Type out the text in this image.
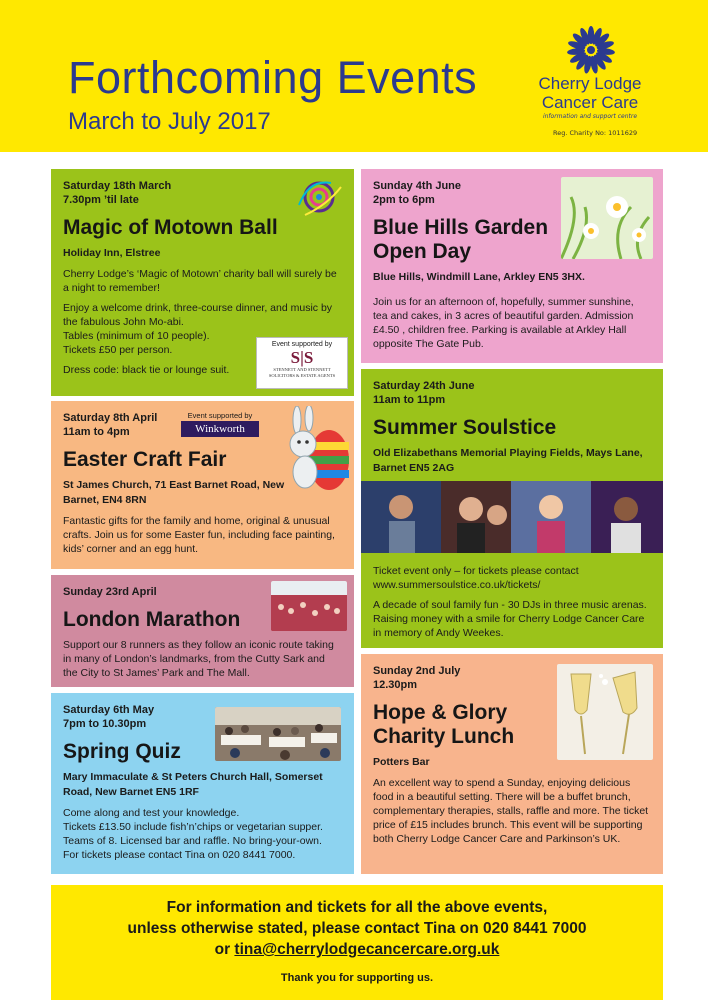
Forthcoming Events
March to July 2017
Cherry Lodge Cancer Care
information and support centre
Reg. Charity No: 1011629
Saturday 18th March
7.30pm ’til late
Magic of Motown Ball
Holiday Inn, Elstree
Cherry Lodge’s ‘Magic of Motown’ charity ball will surely be a night to remember!
Enjoy a welcome drink, three-course dinner, and music by the fabulous John Mo-abi.
Tables (minimum of 10 people).
Tickets £50 per person.
Dress code: black tie or lounge suit.
Event supported by
S|S
STENNETT AND STENNETT SOLICITORS & ESTATE AGENTS
Saturday 8th April
11am to 4pm
Easter Craft Fair
St James Church, 71 East Barnet Road, New Barnet, EN4 8RN
Fantastic gifts for the family and home, original & unusual crafts. Join us for some Easter fun, including face painting, kids’ corner and an egg hunt.
Event supported by
Winkworth
Sunday 23rd April
London Marathon
Support our 8 runners as they follow an iconic route taking in many of London’s landmarks, from the Cutty Sark and the City to St James’ Park and The Mall.
Saturday 6th May
7pm to 10.30pm
Spring Quiz
Mary Immaculate & St Peters Church Hall, Somerset Road, New Barnet EN5 1RF
Come along and test your knowledge.
Tickets £13.50 include fish’n’chips or vegetarian supper.
Teams of 8. Licensed bar and raffle. No bring-your-own.
For tickets please contact Tina on 020 8441 7000.
Sunday 4th June
2pm to 6pm
Blue Hills Garden Open Day
Blue Hills, Windmill Lane, Arkley EN5 3HX.
Join us for an afternoon of, hopefully, summer sunshine, tea and cakes, in 3 acres of beautiful garden. Admission £4.50 , children free. Parking is available at Arkley Hall opposite The Gate Pub.
Saturday 24th June
11am to 11pm
Summer Soulstice
Old Elizabethans Memorial Playing Fields, Mays Lane, Barnet EN5 2AG
Ticket event only – for tickets please contact www.summersoulstice.co.uk/tickets/
A decade of soul family fun - 30 DJs in three music arenas. Raising money with a smile for Cherry Lodge Cancer Care in memory of Andy Weekes.
Sunday 2nd July
12.30pm
Hope & Glory Charity Lunch
Potters Bar
An excellent way to spend a Sunday, enjoying delicious food in a beautiful setting. There will be a buffet brunch, complementary therapies, stalls, raffle and more. The ticket price of £15 includes brunch. This event will be supporting both Cherry Lodge Cancer Care and Parkinson’s UK.
For information and tickets for all the above events,
unless otherwise stated, please contact Tina on 020 8441 7000
or tina@cherrylodgecancercare.org.uk
Thank you for supporting us.
